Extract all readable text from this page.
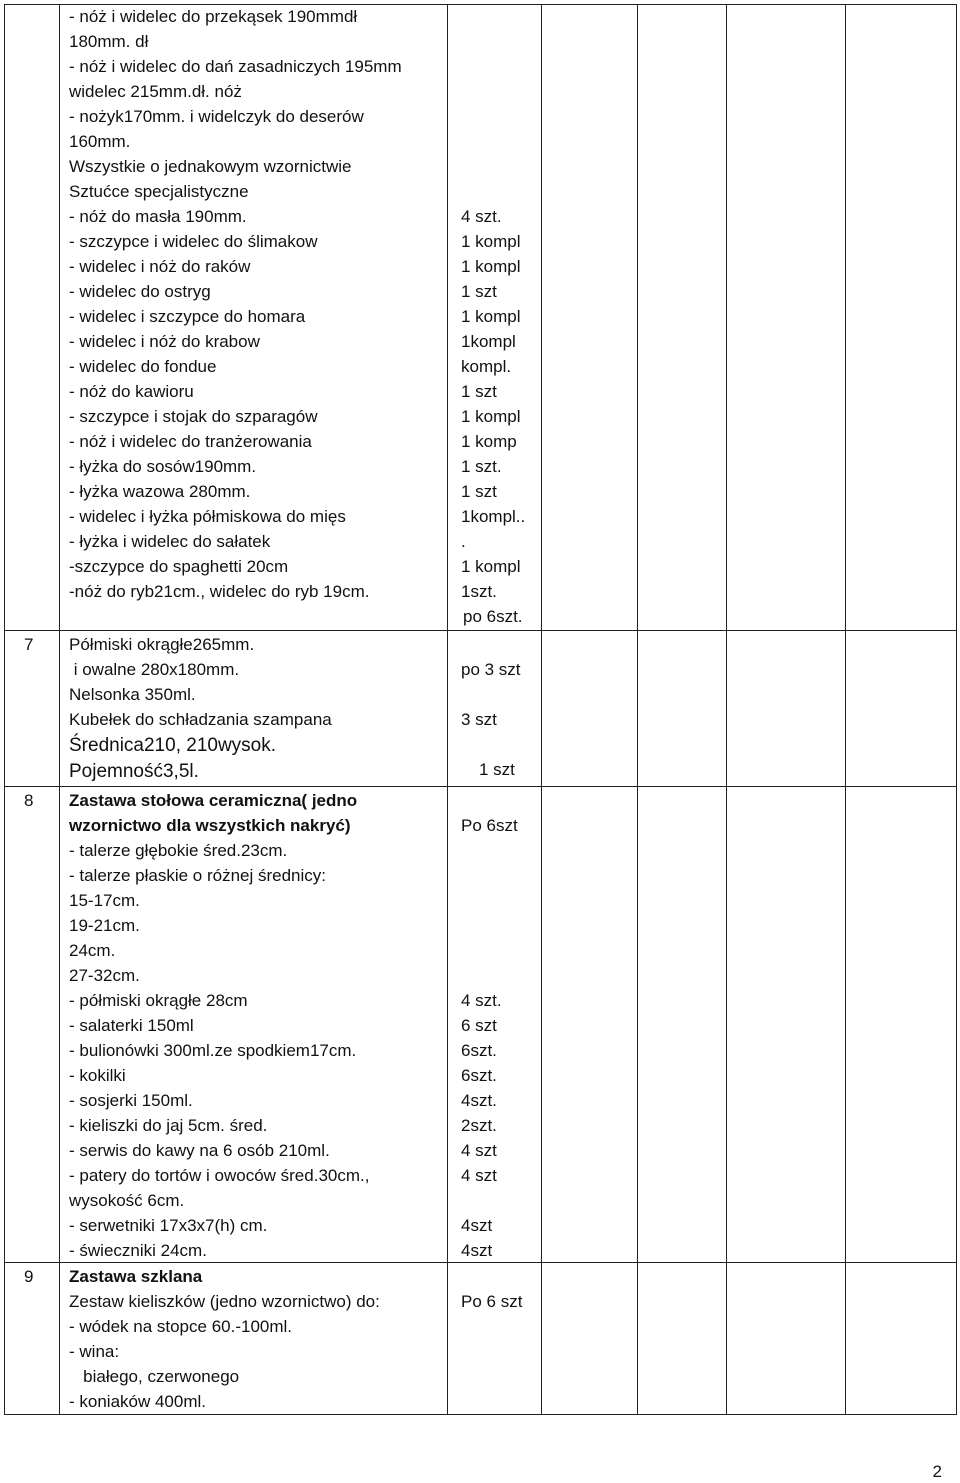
- nóż i widelec do przekąsek 190mmdł
180mm. dł
- nóż i widelec do dań zasadniczych 195mm
widelec 215mm.dł. nóż
- nożyk170mm. i widelczyk do deserów
160mm.
Wszystkie o jednakowym wzornictwie
Sztućce specjalistyczne
- nóż do masła 190mm.
- szczypce i widelec do ślimakow
- widelec i nóż do raków
- widelec do ostryg
- widelec i szczypce do homara
- widelec i nóż do krabow
- widelec do fondue
- nóż do kawioru
- szczypce i stojak do szparagów
- nóż i widelec do tranżerowania
- łyżka do sosów190mm.
- łyżka wazowa 280mm.
- widelec i łyżka półmiskowa do mięs
- łyżka i widelec do sałatek
-szczypce do spaghetti 20cm
-nóż do ryb21cm., widelec do ryb 19cm.
4 szt.
1 kompl
1 kompl
1 szt
1 kompl
1kompl
kompl.
1 szt
1 kompl
1 komp
1 szt.
1 szt
1kompl..
.
1 kompl
1szt.
po 6szt.
7 Półmiski okrągłe265mm.
i owalne 280x180mm.
Nelsonka 350ml.
Kubełek do schładzania szampana
Średnica210, 210wysok.
Pojemność3,5l.
po 3 szt
3 szt
1 szt
8 Zastawa stołowa ceramiczna( jedno
wzornictwo dla wszystkich nakryć)
- talerze głębokie śred.23cm.
- talerze płaskie o różnej średnicy:
15-17cm.
19-21cm.
24cm.
27-32cm.
- półmiski okrągłe 28cm
- salaterki 150ml
- bulionówki 300ml.ze spodkiem17cm.
- kokilki
- sosjerki 150ml.
- kieliszki do jaj 5cm. śred.
- serwis do kawy na 6 osób 210ml.
- patery do tortów i owoców śred.30cm.,
wysokość 6cm.
- serwetniki 17x3x7(h) cm.
- świeczniki 24cm.
Po 6szt
4 szt.
6 szt
6szt.
6szt.
4szt.
2szt.
4 szt
4 szt
4szt
4szt
9 Zastawa szklana
Zestaw kieliszków (jedno wzornictwo) do:
- wódek na stopce 60.-100ml.
- wina:
białego, czerwonego
- koniaków 400ml.
Po 6 szt
2
